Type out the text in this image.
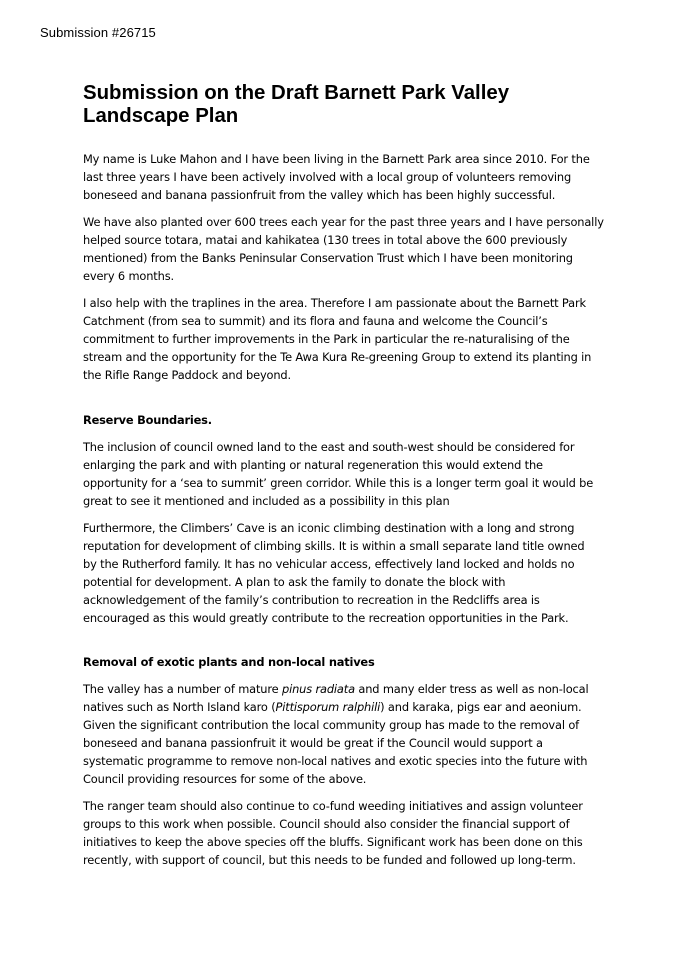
Submission #26715
Submission on the Draft Barnett Park Valley
Landscape Plan
My name is Luke Mahon and I have been living in the Barnett Park area since 2010. For the
last three years I have been actively involved with a local group of volunteers removing
boneseed and banana passionfruit from the valley which has been highly successful.
We have also planted over 600 trees each year for the past three years and I have personally
helped source totara, matai and kahikatea (130 trees in total above the 600 previously
mentioned) from the Banks Peninsular Conservation Trust which I have been monitoring
every 6 months.
I also help with the traplines in the area. Therefore I am passionate about the Barnett Park
Catchment (from sea to summit) and its flora and fauna and welcome the Council’s
commitment to further improvements in the Park in particular the re-naturalising of the
stream and the opportunity for the Te Awa Kura Re-greening Group to extend its planting in
the Rifle Range Paddock and beyond.
Reserve Boundaries.
The inclusion of council owned land to the east and south-west should be considered for
enlarging the park and with planting or natural regeneration this would extend the
opportunity for a ‘sea to summit’ green corridor. While this is a longer term goal it would be
great to see it mentioned and included as a possibility in this plan
Furthermore, the Climbers’ Cave is an iconic climbing destination with a long and strong
reputation for development of climbing skills. It is within a small separate land title owned
by the Rutherford family. It has no vehicular access, effectively land locked and holds no
potential for development. A plan to ask the family to donate the block with
acknowledgement of the family’s contribution to recreation in the Redcliffs area is
encouraged as this would greatly contribute to the recreation opportunities in the Park.
Removal of exotic plants and non-local natives
The valley has a number of mature pinus radiata and many elder tress as well as non-local
natives such as North Island karo (Pittisporum ralphili) and karaka, pigs ear and aeonium.
Given the significant contribution the local community group has made to the removal of
boneseed and banana passionfruit it would be great if the Council would support a
systematic programme to remove non-local natives and exotic species into the future with
Council providing resources for some of the above.
The ranger team should also continue to co-fund weeding initiatives and assign volunteer
groups to this work when possible. Council should also consider the financial support of
initiatives to keep the above species off the bluffs. Significant work has been done on this
recently, with support of council, but this needs to be funded and followed up long-term.
